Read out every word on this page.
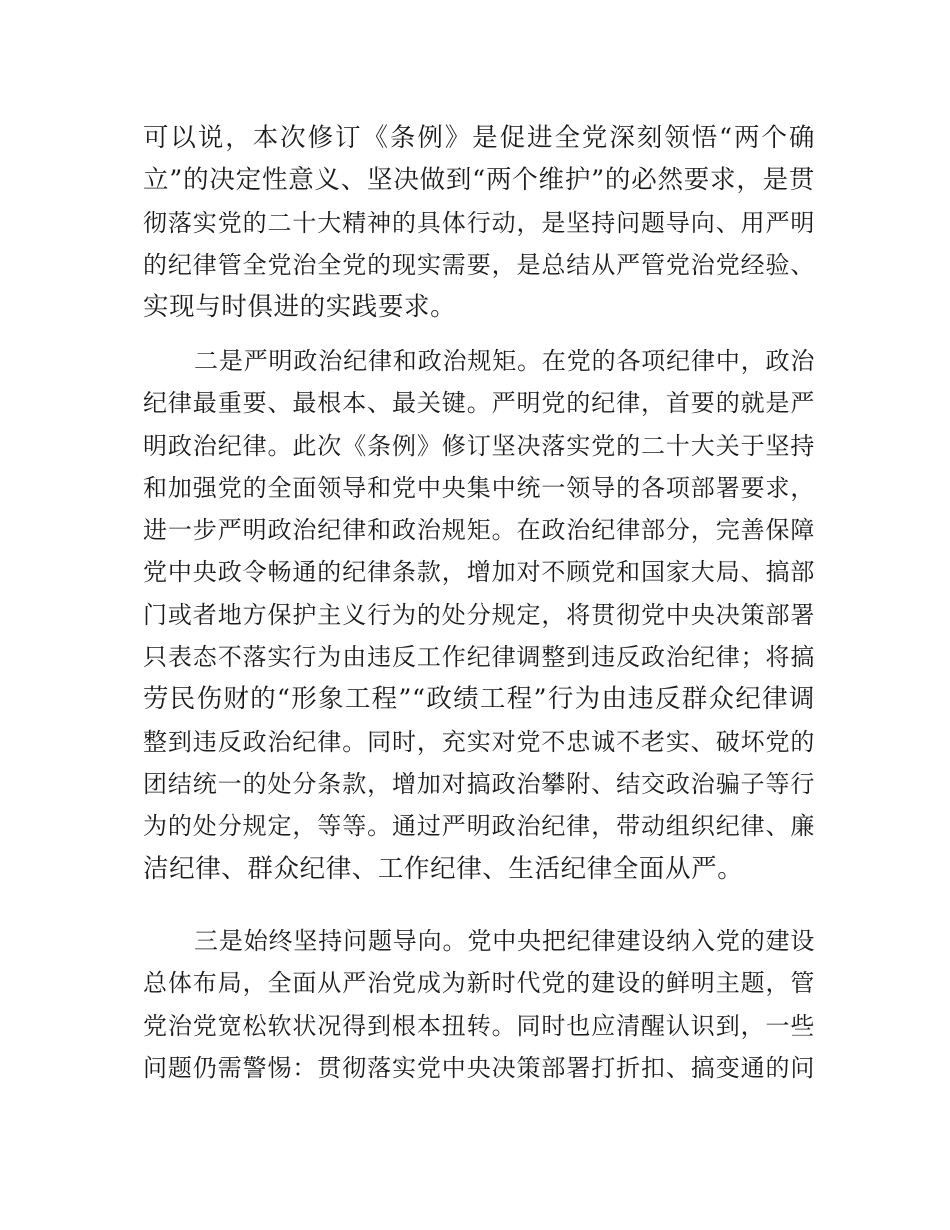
可以说，本次修订《条例》是促进全党深刻领悟“两个确
立”的决定性意义、坚决做到“两个维护”的必然要求，是贯
彻落实党的二十大精神的具体行动，是坚持问题导向、用严明
的纪律管全党治全党的现实需要，是总结从严管党治党经验、
实现与时俱进的实践要求。
二是严明政治纪律和政治规矩。在党的各项纪律中，政治
纪律最重要、最根本、最关键。严明党的纪律，首要的就是严
明政治纪律。此次《条例》修订坚决落实党的二十大关于坚持
和加强党的全面领导和党中央集中统一领导的各项部署要求，
进一步严明政治纪律和政治规矩。在政治纪律部分，完善保障
党中央政令畅通的纪律条款，增加对不顾党和国家大局、搞部
门或者地方保护主义行为的处分规定，将贯彻党中央决策部署
只表态不落实行为由违反工作纪律调整到违反政治纪律；将搞
劳民伤财的“形象工程”“政绩工程”行为由违反群众纪律调
整到违反政治纪律。同时，充实对党不忠诚不老实、破坏党的
团结统一的处分条款，增加对搞政治攀附、结交政治骗子等行
为的处分规定，等等。通过严明政治纪律，带动组织纪律、廉
洁纪律、群众纪律、工作纪律、生活纪律全面从严。
三是始终坚持问题导向。党中央把纪律建设纳入党的建设
总体布局，全面从严治党成为新时代党的建设的鲜明主题，管
党治党宽松软状况得到根本扭转。同时也应清醒认识到，一些
问题仍需警惕：贯彻落实党中央决策部署打折扣、搞变通的问
